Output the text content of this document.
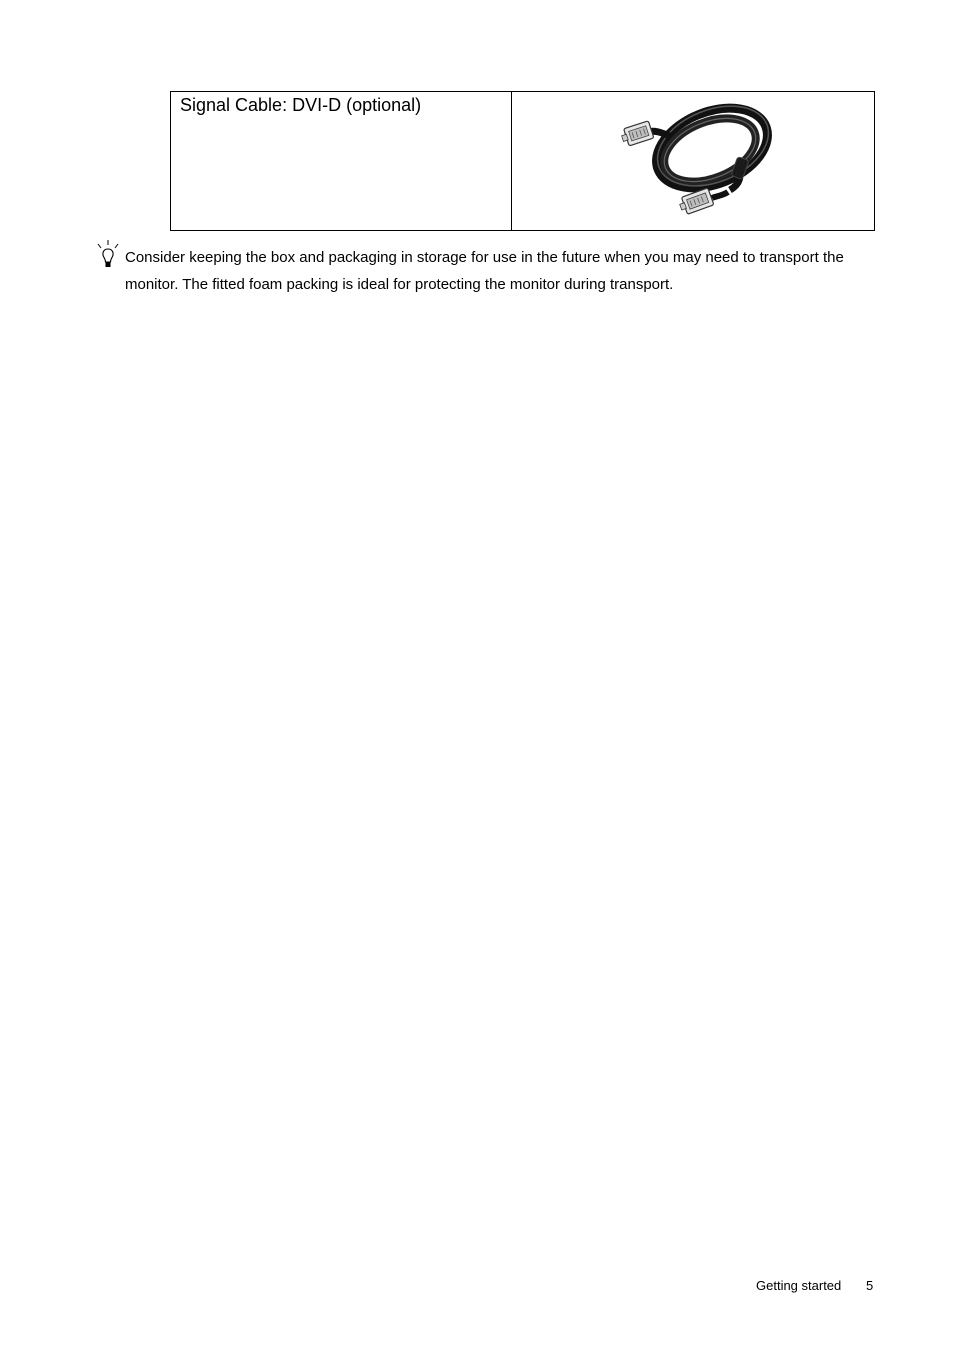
Signal Cable: DVI-D (optional)

Consider keeping the box and packaging in storage for use in the future when you may need to transport the monitor. The fitted foam packing is ideal for protecting the monitor during transport.

Getting started 5
